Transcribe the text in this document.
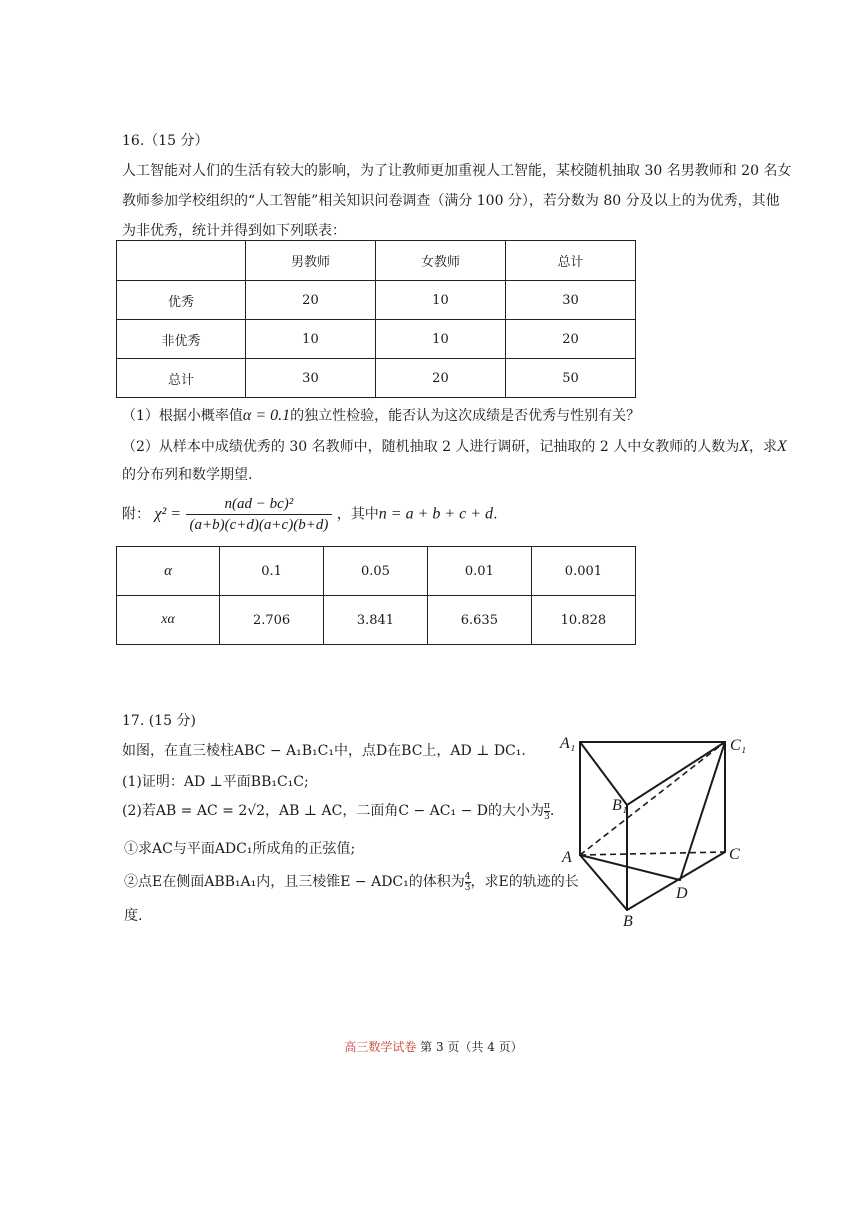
16.（15 分）
人工智能对人们的生活有较大的影响，为了让教师更加重视人工智能，某校随机抽取 30 名男教师和 20 名女
教师参加学校组织的“人工智能”相关知识问卷调查（满分 100 分），若分数为 80 分及以上的为优秀，其他
为非优秀，统计并得到如下列联表：
	男教师	女教师	总计
优秀	20	10	30
非优秀	10	10	20
总计	30	20	50
（1）根据小概率值α = 0.1的独立性检验，能否认为这次成绩是否优秀与性别有关？
（2）从样本中成绩优秀的 30 名教师中，随机抽取 2 人进行调研，记抽取的 2 人中女教师的人数为X，求X
的分布列和数学期望.
附： $\chi^2 = \frac{\text{n(ad − bc)²}}{(a+b)(c+d)(a+c)(b+d)}$ ，其中n = a + b + c + d.
α	0.1	0.05	0.01	0.001
xα	2.706	3.841	6.635	10.828
17. (15 分)
如图，在直三棱柱ABC − A₁B₁C₁中，点D在BC上，AD ⊥ DC₁.
(1)证明：AD ⊥平面BB₁C₁C;
(2)若AB = AC = 2√2，AB ⊥ AC，二面角C − AC₁ − D的大小为 $\frac{\pi}{3}$ .
①求AC与平面ADC₁所成角的正弦值;
②点E在侧面ABB₁A₁内，且三棱锥E − ADC₁的体积为 $\frac{4}{3}$ ，求E的轨迹的长
度.
A₁	C₁
B₁
A	C
D
B
高三数学试卷 第 3 页（共 4 页）
